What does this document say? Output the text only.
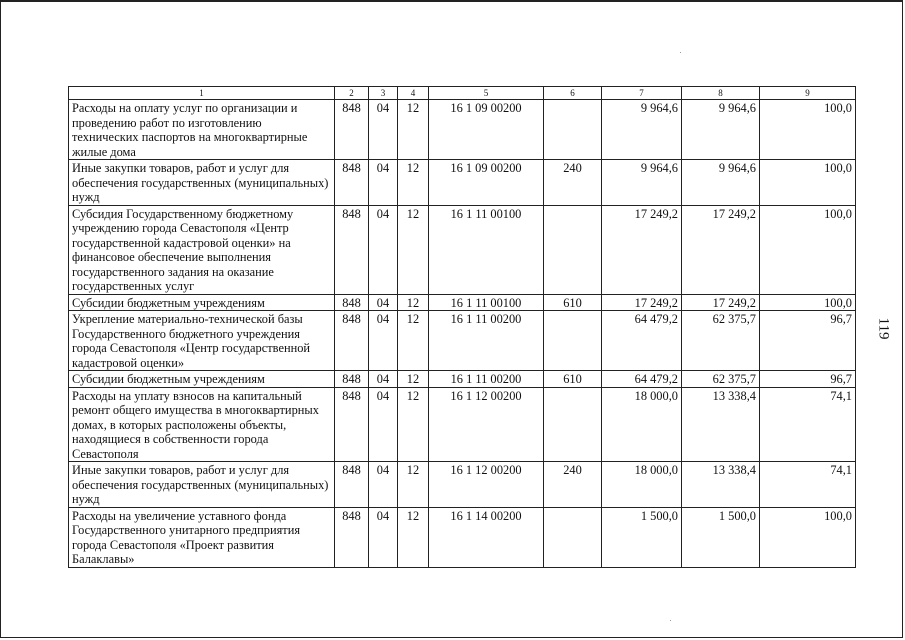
1	2	3	4	5	6	7	8	9
Расходы на оплату услуг по организации и проведению работ по изготовлению технических паспортов на многоквартирные жилые дома	848	04	12	16 1 09 00200		9 964,6	9 964,6	100,0
Иные закупки товаров, работ и услуг для обеспечения государственных (муниципальных) нужд	848	04	12	16 1 09 00200	240	9 964,6	9 964,6	100,0
Субсидия Государственному бюджетному учреждению города Севастополя «Центр государственной кадастровой оценки» на финансовое обеспечение выполнения государственного задания на оказание государственных услуг	848	04	12	16 1 11 00100		17 249,2	17 249,2	100,0
Субсидии бюджетным учреждениям	848	04	12	16 1 11 00100	610	17 249,2	17 249,2	100,0
Укрепление материально-технической базы Государственного бюджетного учреждения города Севастополя «Центр государственной кадастровой оценки»	848	04	12	16 1 11 00200		64 479,2	62 375,7	96,7
Субсидии бюджетным учреждениям	848	04	12	16 1 11 00200	610	64 479,2	62 375,7	96,7
Расходы на уплату взносов на капитальный ремонт общего имущества в многоквартирных домах, в которых расположены объекты, находящиеся в собственности города Севастополя	848	04	12	16 1 12 00200		18 000,0	13 338,4	74,1
Иные закупки товаров, работ и услуг для обеспечения государственных (муниципальных) нужд	848	04	12	16 1 12 00200	240	18 000,0	13 338,4	74,1
Расходы на увеличение уставного фонда Государственного унитарного предприятия города Севастополя «Проект развития Балаклавы»	848	04	12	16 1 14 00200		1 500,0	1 500,0	100,0
119
